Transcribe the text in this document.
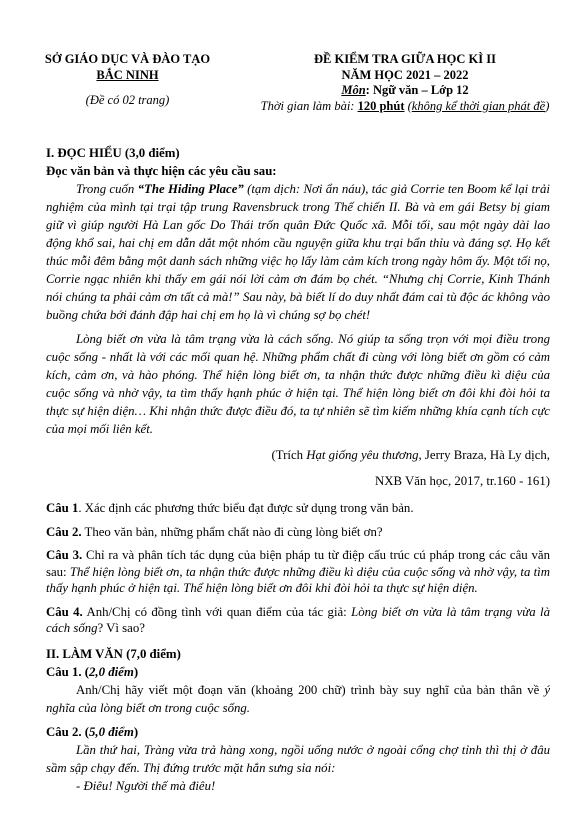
SỞ GIÁO DỤC VÀ ĐÀO TẠO
BẮC NINH
(Đề có 02 trang)
ĐỀ KIỂM TRA GIỮA HỌC KÌ II
NĂM HỌC 2021 – 2022
Môn: Ngữ văn – Lớp 12
Thời gian làm bài: 120 phút (không kể thời gian phát đề)
I. ĐỌC HIỂU (3,0 điểm)
Đọc văn bản và thực hiện các yêu cầu sau:
Trong cuốn “The Hiding Place” (tạm dịch: Nơi ẩn náu), tác giả Corrie ten Boom kể lại trải nghiệm của mình tại trại tập trung Ravensbruck trong Thế chiến II. Bà và em gái Betsy bị giam giữ vì giúp người Hà Lan gốc Do Thái trốn quân Đức Quốc xã. Mỗi tối, sau một ngày dài lao động khổ sai, hai chị em dẫn dắt một nhóm cầu nguyện giữa khu trại bẩn thỉu và đáng sợ. Họ kết thúc mỗi đêm bằng một danh sách những việc họ lấy làm cảm kích trong ngày hôm ấy. Một tối nọ, Corrie ngạc nhiên khi thấy em gái nói lời cảm ơn đám bọ chét. “Nhưng chị Corrie, Kinh Thánh nói chúng ta phải cảm ơn tất cả mà!” Sau này, bà biết lí do duy nhất đám cai tù độc ác không vào buồng chứa bới đánh đập hai chị em họ là vì chúng sợ bọ chét!
Lòng biết ơn vừa là tâm trạng vừa là cách sống. Nó giúp ta sống trọn với mọi điều trong cuộc sống - nhất là với các mối quan hệ. Những phẩm chất đi cùng với lòng biết ơn gồm có cảm kích, cảm ơn, và hào phóng. Thể hiện lòng biết ơn, ta nhận thức được những điều kì diệu của cuộc sống và nhờ vậy, ta tìm thấy hạnh phúc ở hiện tại. Thể hiện lòng biết ơn đôi khi đòi hỏi ta thực sự hiện diện… Khi nhận thức được điều đó, ta tự nhiên sẽ tìm kiếm những khía cạnh tích cực của mọi mối liên kết.
(Trích Hạt giống yêu thương, Jerry Braza, Hà Ly dịch,
NXB Văn học, 2017, tr.160 - 161)
Câu 1. Xác định các phương thức biểu đạt được sử dụng trong văn bản.
Câu 2. Theo văn bản, những phẩm chất nào đi cùng lòng biết ơn?
Câu 3. Chỉ ra và phân tích tác dụng của biện pháp tu từ điệp cấu trúc cú pháp trong các câu văn sau: Thể hiện lòng biết ơn, ta nhận thức được những điều kì diệu của cuộc sống và nhờ vậy, ta tìm thấy hạnh phúc ở hiện tại. Thể hiện lòng biết ơn đôi khi đòi hỏi ta thực sự hiện diện.
Câu 4. Anh/Chị có đồng tình với quan điểm của tác giả: Lòng biết ơn vừa là tâm trạng vừa là cách sống? Vì sao?
II. LÀM VĂN (7,0 điểm)
Câu 1. (2,0 điểm)
Anh/Chị hãy viết một đoạn văn (khoảng 200 chữ) trình bày suy nghĩ của bản thân về ý nghĩa của lòng biết ơn trong cuộc sống.
Câu 2. (5,0 điểm)
Lần thứ hai, Tràng vừa trả hàng xong, ngồi uống nước ở ngoài cổng chợ tỉnh thì thị ở đâu sầm sập chạy đến. Thị đứng trước mặt hắn sưng sỉa nói:
- Điêu! Người thế mà điêu!
